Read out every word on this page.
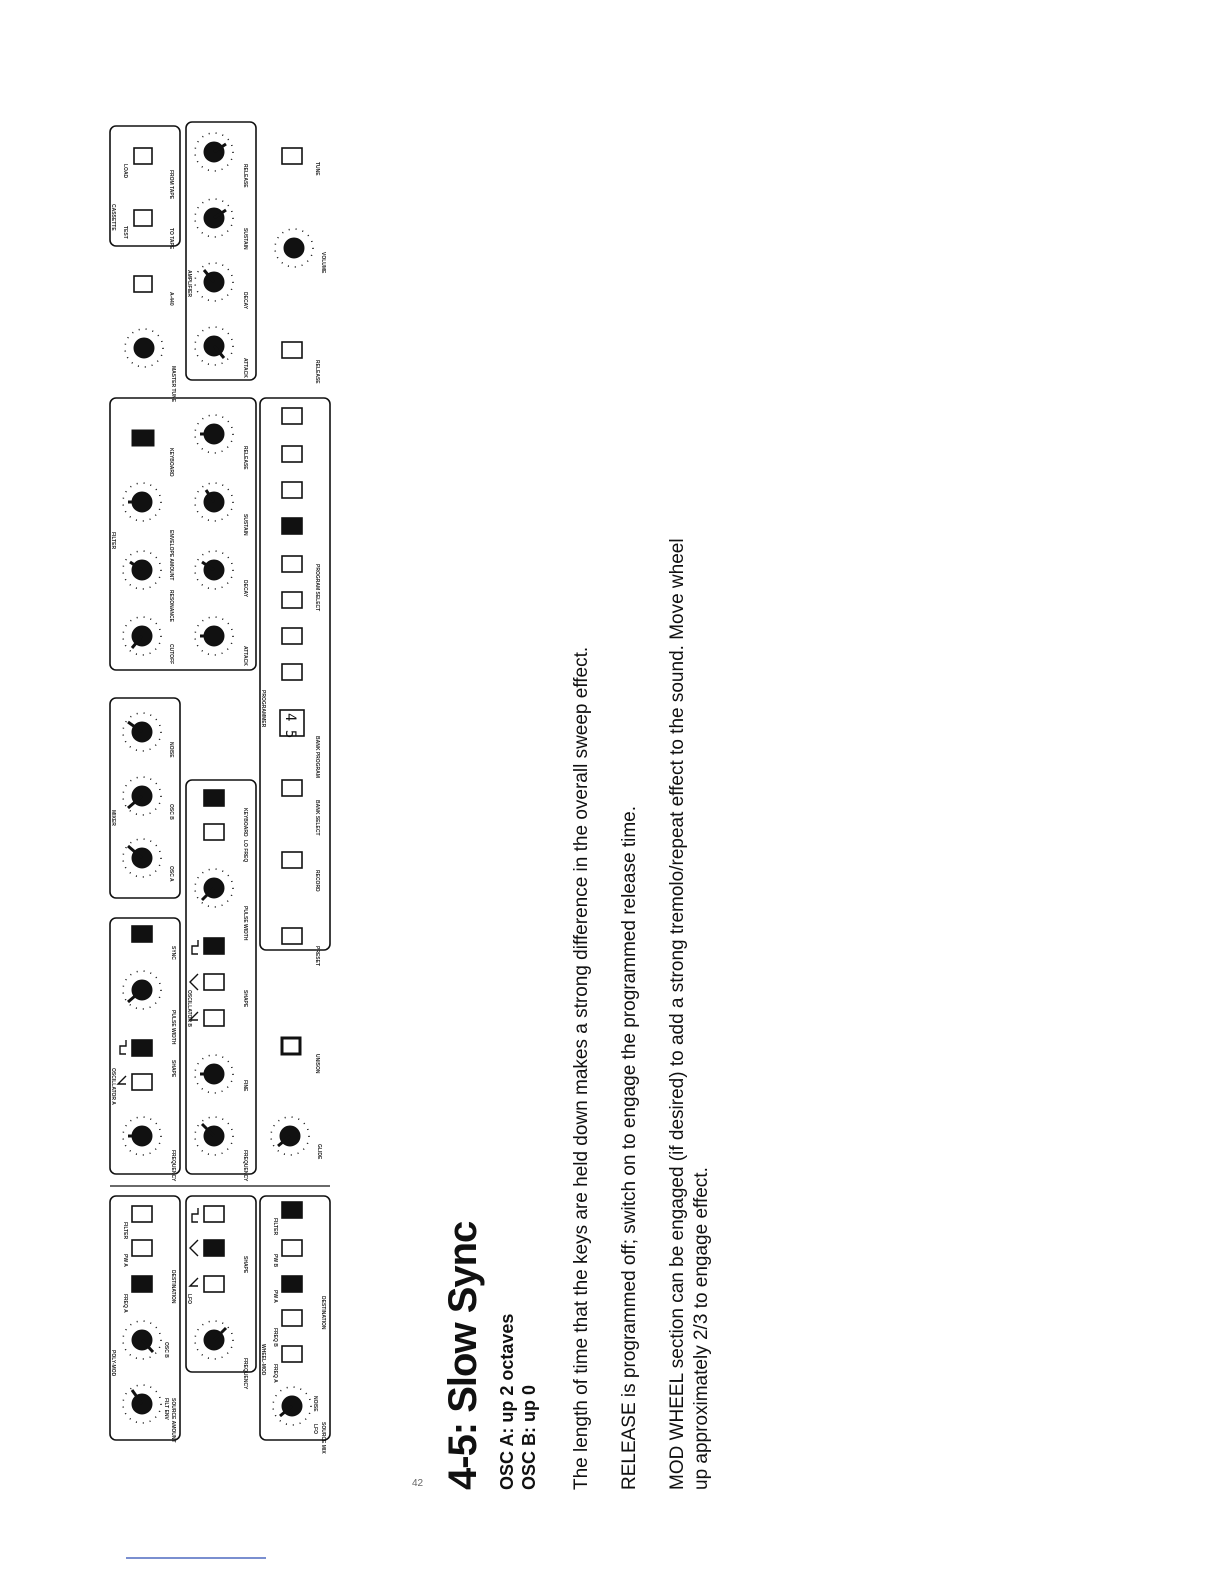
POLY-MOD
LFO
WHEEL-MOD
OSCILLATOR A
OSCILLATOR B
MIXER
FILTER
PROGRAMMER
AMPLIFIER
CASSETTE
SOURCE AMOUNT
FILT ENV
OSC B
DESTINATION
FREQ A
PW A
FILTER
FREQUENCY
SHAPE
SOURCE MIX
LFO
NOISE
FREQ A
FREQ B
PW A
PW B
FILTER
DESTINATION
FREQUENCY
SHAPE
PULSE WIDTH
SYNC
FREQUENCY
FINE
SHAPE
PULSE WIDTH
LO FREQ
KEYBOARD
GLIDE
UNISON
OSC A
OSC B
NOISE
CUTOFF
RESONANCE
ENVELOPE AMOUNT
KEYBOARD
ATTACK
DECAY
SUSTAIN
RELEASE
PRESET
RECORD
BANK SELECT
BANK PROGRAM
PROGRAM SELECT
4 5
MASTER TUNE
A-440
TEST	TO TAPE
LOAD	FROM TAPE
ATTACK
DECAY
SUSTAIN
RELEASE
RELEASE
VOLUME
TUNE
4-5: Slow Sync OSC A: up 2 octaves OSC B: up 0 The length of time that the keys are held down makes a strong difference in the overall sweep effect. RELEASE is programmed off; switch on to engage the programmed release time. MOD WHEEL section can be engaged (if desired) to add a strong tremolo/repeat effect to the sound. Move wheel up approximately 2/3 to engage effect.

42
